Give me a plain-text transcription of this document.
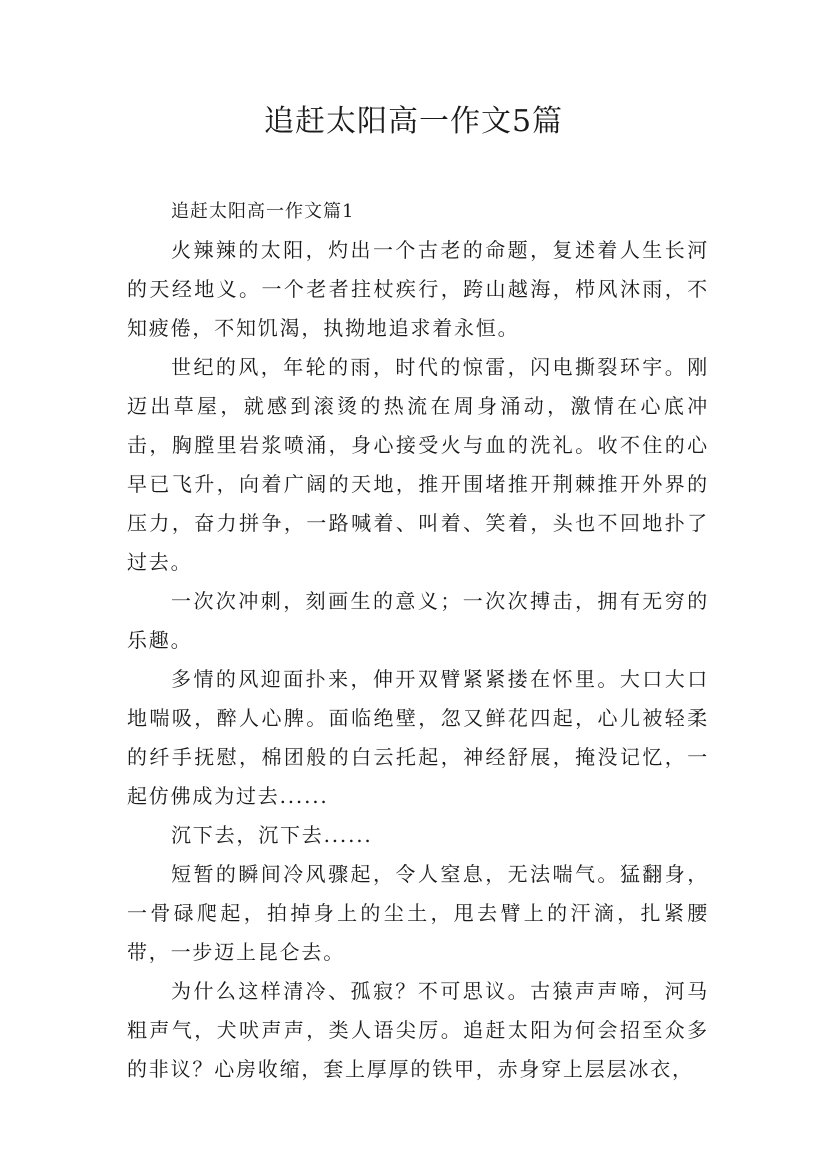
追赶太阳高一作文5篇

追赶太阳高一作文篇1

火辣辣的太阳，灼出一个古老的命题，复述着人生长河的天经地义。一个老者拄杖疾行，跨山越海，栉风沐雨，不知疲倦，不知饥渴，执拗地追求着永恒。

世纪的风，年轮的雨，时代的惊雷，闪电撕裂环宇。刚迈出草屋，就感到滚烫的热流在周身涌动，激情在心底冲击，胸膛里岩浆喷涌，身心接受火与血的洗礼。收不住的心早已飞升，向着广阔的天地，推开围堵推开荆棘推开外界的压力，奋力拼争，一路喊着、叫着、笑着，头也不回地扑了过去。

一次次冲刺，刻画生的意义；一次次搏击，拥有无穷的乐趣。

多情的风迎面扑来，伸开双臂紧紧搂在怀里。大口大口地喘吸，醉人心脾。面临绝壁，忽又鲜花四起，心儿被轻柔的纤手抚慰，棉团般的白云托起，神经舒展，掩没记忆，一起仿佛成为过去......

沉下去，沉下去......

短暂的瞬间冷风骤起，令人窒息，无法喘气。猛翻身，一骨碌爬起，拍掉身上的尘土，甩去臂上的汗滴，扎紧腰带，一步迈上昆仑去。

为什么这样清冷、孤寂？不可思议。古猿声声啼，河马粗声气，犬吠声声，类人语尖厉。追赶太阳为何会招至众多的非议？心房收缩，套上厚厚的铁甲，赤身穿上层层冰衣，
